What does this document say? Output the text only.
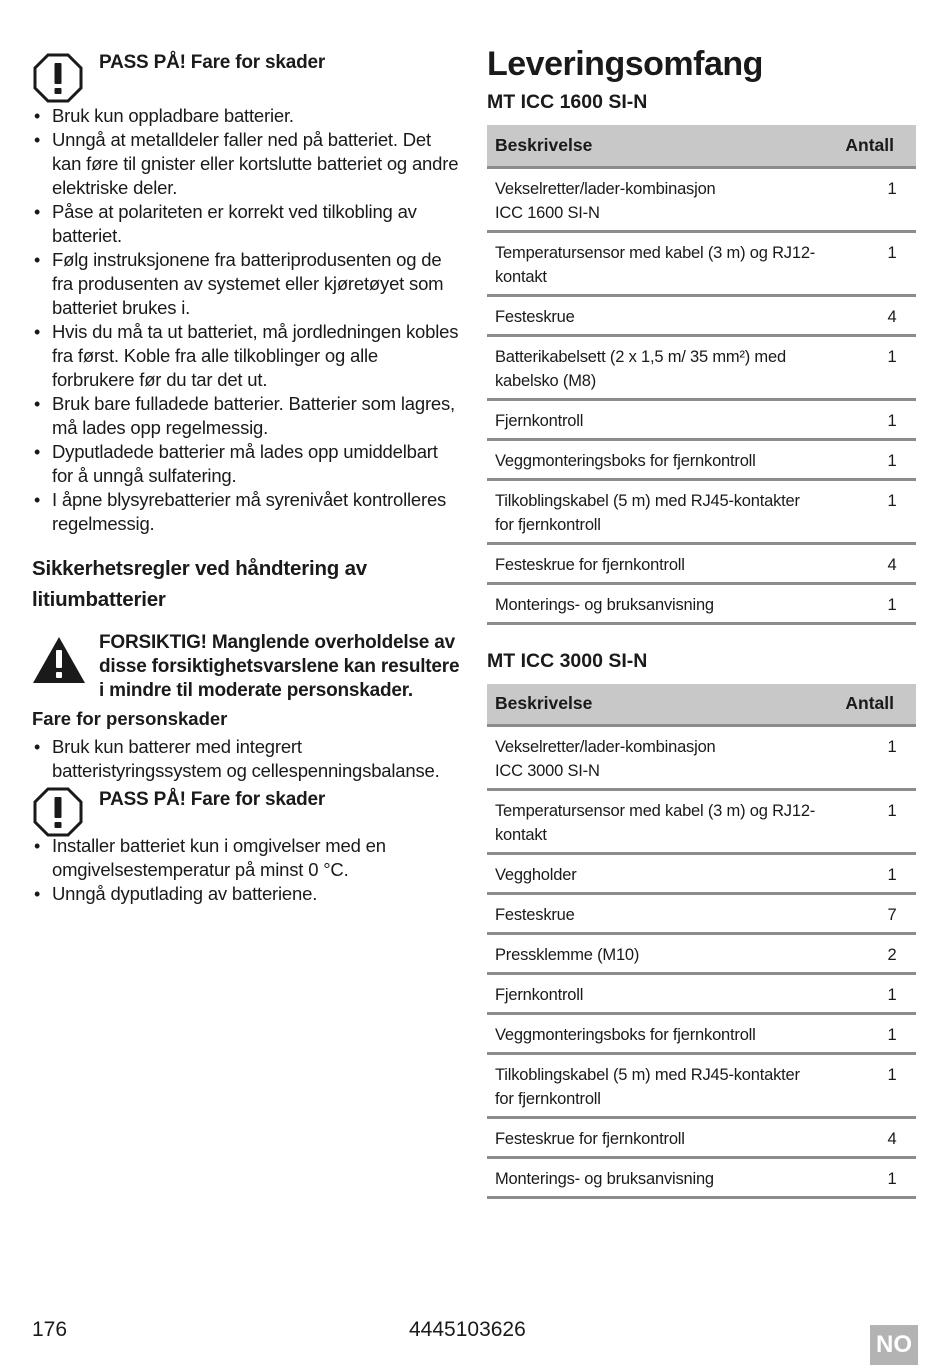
PASS PÅ! Fare for skader
• Bruk kun oppladbare batterier.
• Unngå at metalldeler faller ned på batteriet. Det kan føre til gnister eller kortslutte batteriet og andre elektriske deler.
• Påse at polariteten er korrekt ved tilkobling av batteriet.
• Følg instruksjonene fra batteriprodusenten og de fra produsenten av systemet eller kjøretøyet som batteriet brukes i.
• Hvis du må ta ut batteriet, må jordledningen kobles fra først. Koble fra alle tilkoblinger og alle forbrukere før du tar det ut.
• Bruk bare fulladede batterier. Batterier som lagres, må lades opp regelmessig.
• Dyputladede batterier må lades opp umiddelbart for å unngå sulfatering.
• I åpne blysyrebatterier må syrenivået kontrolleres regelmessig.
Sikkerhetsregler ved håndtering av litiumbatterier
FORSIKTIG! Manglende overholdelse av disse forsiktighetsvarslene kan resultere i mindre til moderate personskader.
Fare for personskader
• Bruk kun batterer med integrert batteristyringssystem og cellespenningsbalanse.
PASS PÅ! Fare for skader
• Installer batteriet kun i omgivelser med en omgivelsestemperatur på minst 0 °C.
• Unngå dyputlading av batteriene.
Leveringsomfang
MT ICC 1600 SI-N
Beskrivelse	Antall
Vekselretter/lader-kombinasjon
ICC 1600 SI-N	1
Temperatursensor med kabel (3 m) og RJ12-kontakt	1
Festeskrue	4
Batterikabelsett (2 x 1,5 m/ 35 mm²) med kabelsko (M8)	1
Fjernkontroll	1
Veggmonteringsboks for fjernkontroll	1
Tilkoblingskabel (5 m) med RJ45-kontakter for fjernkontroll	1
Festeskrue for fjernkontroll	4
Monterings- og bruksanvisning	1
MT ICC 3000 SI-N
Beskrivelse	Antall
Vekselretter/lader-kombinasjon
ICC 3000 SI-N	1
Temperatursensor med kabel (3 m) og RJ12-kontakt	1
Veggholder	1
Festeskrue	7
Pressklemme (M10)	2
Fjernkontroll	1
Veggmonteringsboks for fjernkontroll	1
Tilkoblingskabel (5 m) med RJ45-kontakter for fjernkontroll	1
Festeskrue for fjernkontroll	4
Monterings- og bruksanvisning	1
176	4445103626
NO
